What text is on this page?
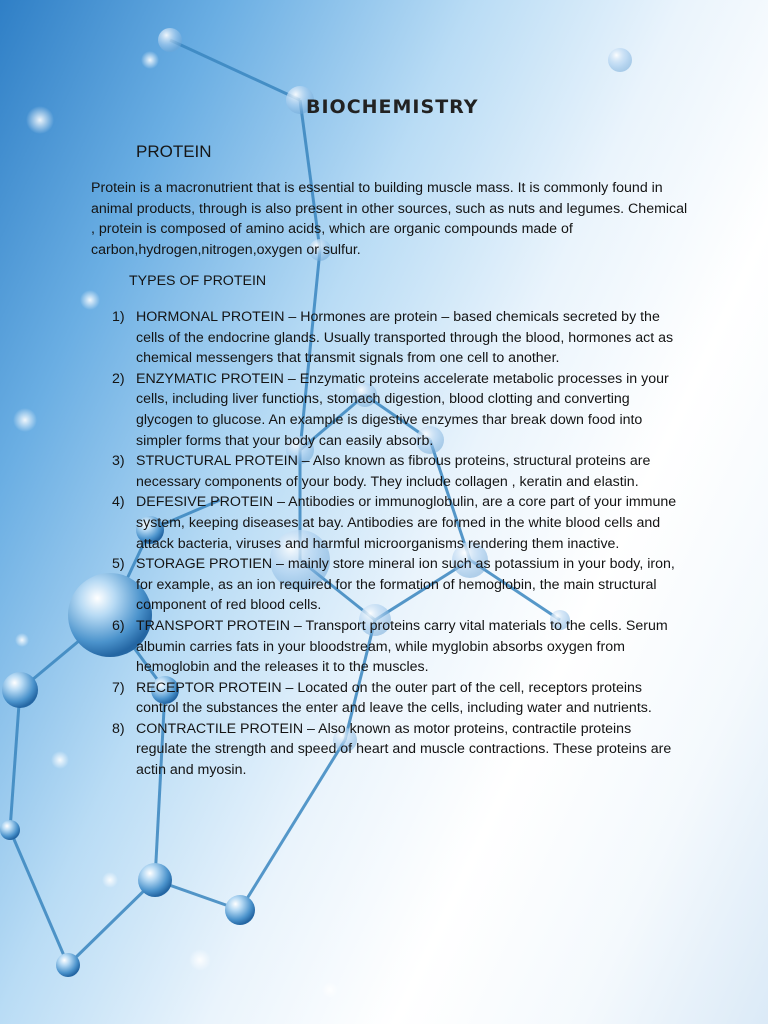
BIOCHEMISTRY
PROTEIN

Protein is a macronutrient that is essential to building muscle mass. It is commonly found in animal products, through is also present in other sources, such as nuts and legumes. Chemical , protein is composed of amino acids, which are organic compounds made of carbon,hydrogen,nitrogen,oxygen or sulfur.

TYPES OF PROTEIN
1) HORMONAL PROTEIN – Hormones are protein – based chemicals secreted by the cells of the endocrine glands. Usually transported through the blood, hormones act as chemical messengers that transmit signals from one cell to another.
2) ENZYMATIC PROTEIN – Enzymatic proteins accelerate metabolic processes in your cells, including liver functions, stomach digestion, blood clotting and converting glycogen to glucose. An example is digestive enzymes thar break down food into simpler forms that your body can easily absorb.
3) STRUCTURAL PROTEIN – Also known as fibrous proteins, structural proteins are necessary components of your body. They include collagen , keratin and elastin.
4) DEFESIVE PROTEIN – Antibodies or immunoglobulin, are a core part of your immune system, keeping diseases at bay. Antibodies are formed in the white blood cells and attack bacteria, viruses and harmful microorganisms rendering them inactive.
5) STORAGE PROTIEN – mainly store mineral ion such as potassium in your body, iron, for example, as an ion required for the formation of hemoglobin, the main structural component of red blood cells.
6) TRANSPORT PROTEIN – Transport proteins carry vital materials to the cells. Serum albumin carries fats in your bloodstream, while myglobin absorbs oxygen from hemoglobin and the releases it to the muscles.
7) RECEPTOR PROTEIN – Located on the outer part of the cell, receptors proteins control the substances the enter and leave the cells, including water and nutrients.
8) CONTRACTILE PROTEIN – Also known as motor proteins, contractile proteins regulate the strength and speed of heart and muscle contractions. These proteins are actin and myosin.
